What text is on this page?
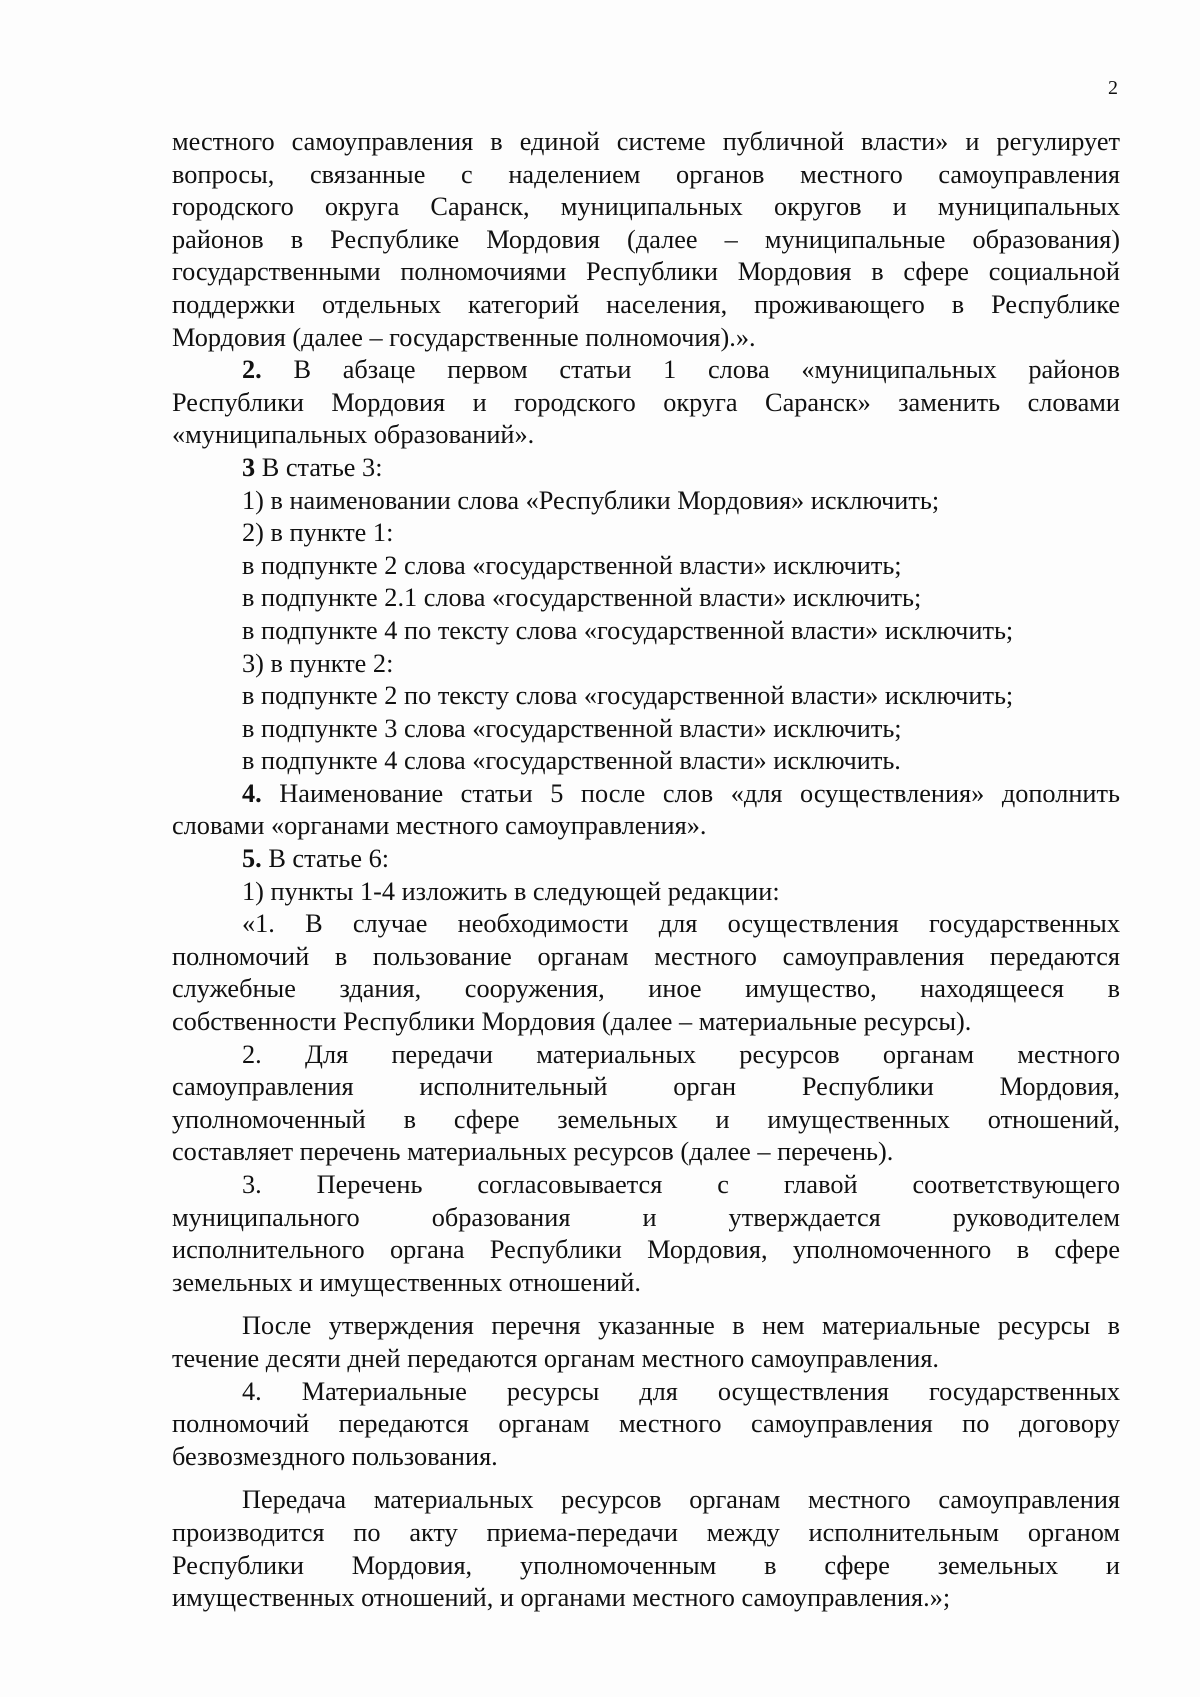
2

местного самоуправления в единой системе публичной власти» и регулирует

вопросы, связанные с наделением органов местного самоуправления

городского округа Саранск, муниципальных округов и муниципальных

районов в Республике Мордовия (далее – муниципальные образования)

государственными полномочиями Республики Мордовия в сфере социальной

поддержки отдельных категорий населения, проживающего в Республике

Мордовия (далее – государственные полномочия).».

2. В абзаце первом статьи 1 слова «муниципальных районов

Республики Мордовия и городского округа Саранск» заменить словами

«муниципальных образований».

3 В статье 3:

1) в наименовании слова «Республики Мордовия» исключить;

2) в пункте 1:

в подпункте 2 слова «государственной власти» исключить;

в подпункте 2.1 слова «государственной власти» исключить;

в подпункте 4 по тексту слова «государственной власти» исключить;

3) в пункте 2:

в подпункте 2 по тексту слова «государственной власти» исключить;

в подпункте 3 слова «государственной власти» исключить;

в подпункте 4 слова «государственной власти» исключить.

4. Наименование статьи 5 после слов «для осуществления» дополнить

словами «органами местного самоуправления».

5. В статье 6:

1) пункты 1-4 изложить в следующей редакции:

«1. В случае необходимости для осуществления государственных

полномочий в пользование органам местного самоуправления передаются

служебные здания, сооружения, иное имущество, находящееся в

собственности Республики Мордовия (далее – материальные ресурсы).

2. Для передачи материальных ресурсов органам местного

самоуправления исполнительный орган Республики Мордовия,

уполномоченный в сфере земельных и имущественных отношений,

составляет перечень материальных ресурсов (далее – перечень).

3. Перечень согласовывается с главой соответствующего

муниципального образования и утверждается руководителем

исполнительного органа Республики Мордовия, уполномоченного в сфере

земельных и имущественных отношений.

После утверждения перечня указанные в нем материальные ресурсы в

течение десяти дней передаются органам местного самоуправления.

4. Материальные ресурсы для осуществления государственных

полномочий передаются органам местного самоуправления по договору

безвозмездного пользования.

Передача материальных ресурсов органам местного самоуправления

производится по акту приема-передачи между исполнительным органом

Республики Мордовия, уполномоченным в сфере земельных и

имущественных отношений, и органами местного самоуправления.»;
